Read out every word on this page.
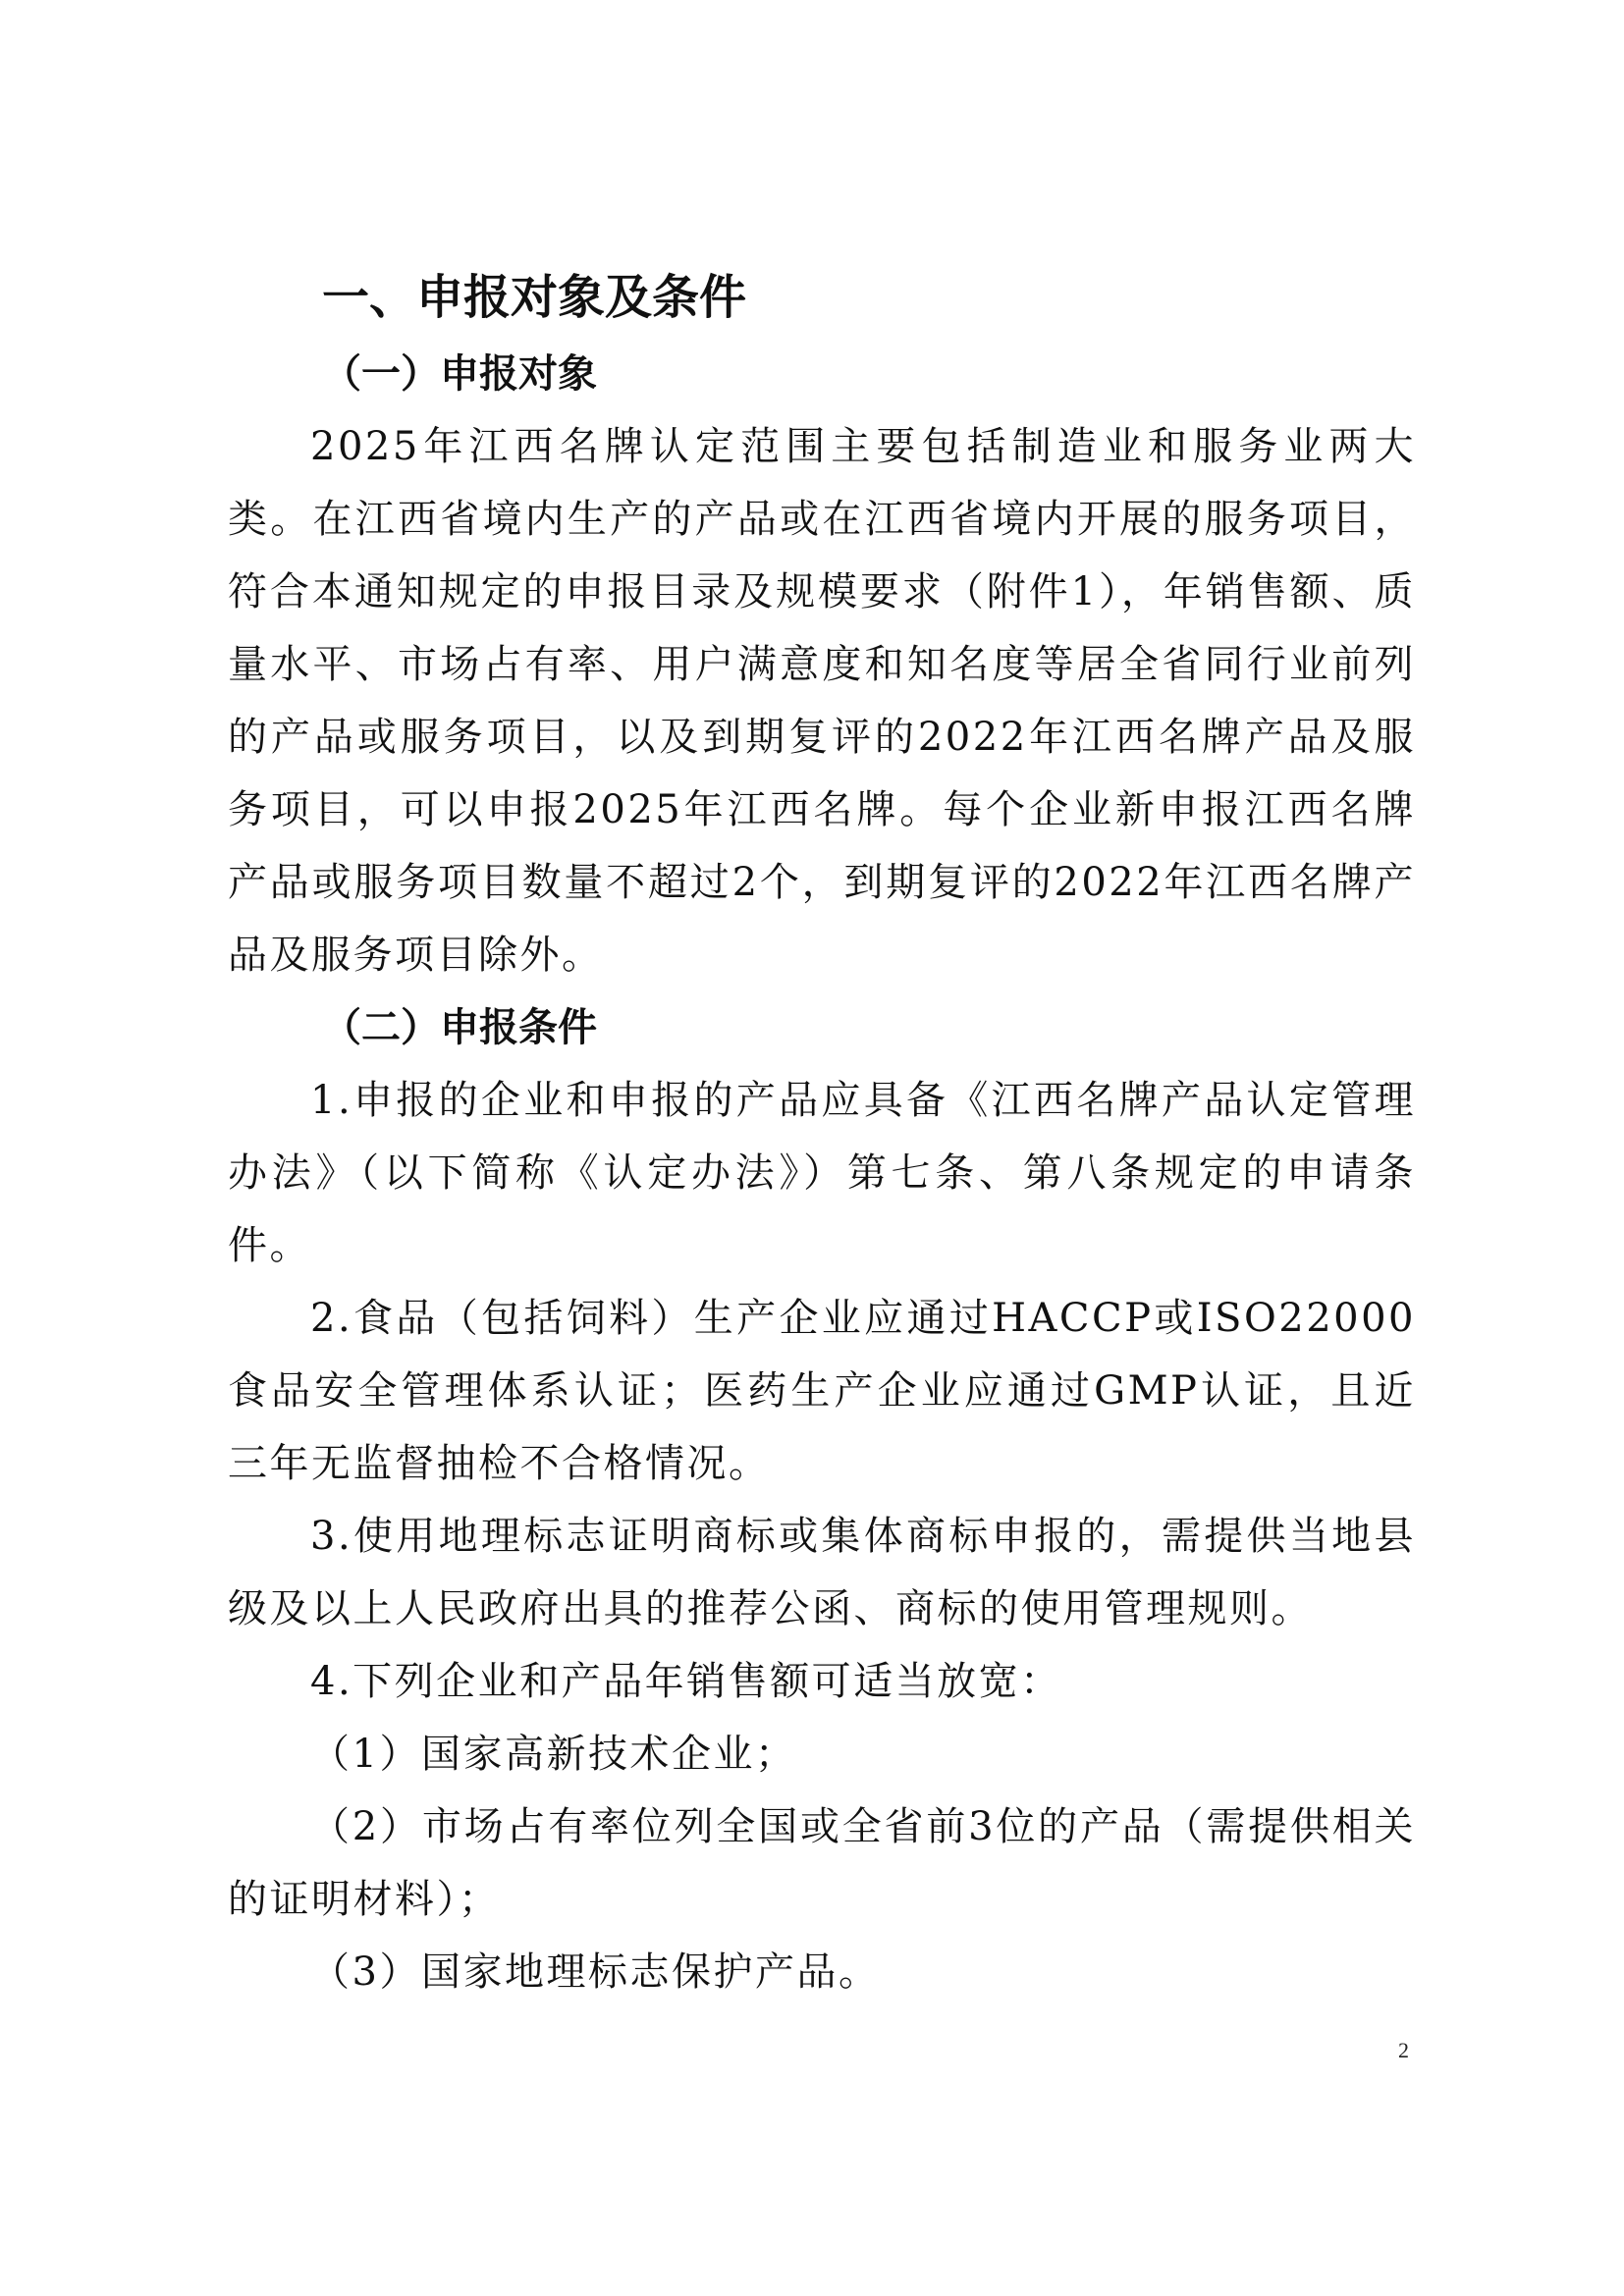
一、申报对象及条件
（一）申报对象

2025年江西名牌认定范围主要包括制造业和服务业两大类。在江西省境内生产的产品或在江西省境内开展的服务项目，符合本通知规定的申报目录及规模要求（附件1），年销售额、质量水平、市场占有率、用户满意度和知名度等居全省同行业前列的产品或服务项目，以及到期复评的2022年江西名牌产品及服务项目，可以申报2025年江西名牌。每个企业新申报江西名牌产品或服务项目数量不超过2个，到期复评的2022年江西名牌产品及服务项目除外。

（二）申报条件

1.申报的企业和申报的产品应具备《江西名牌产品认定管理办法》（以下简称《认定办法》）第七条、第八条规定的申请条件。

2.食品（包括饲料）生产企业应通过HACCP或ISO22000食品安全管理体系认证；医药生产企业应通过GMP认证，且近三年无监督抽检不合格情况。

3.使用地理标志证明商标或集体商标申报的，需提供当地县级及以上人民政府出具的推荐公函、商标的使用管理规则。

4.下列企业和产品年销售额可适当放宽：

（1）国家高新技术企业；

（2）市场占有率位列全国或全省前3位的产品（需提供相关的证明材料）；

（3）国家地理标志保护产品。

2
